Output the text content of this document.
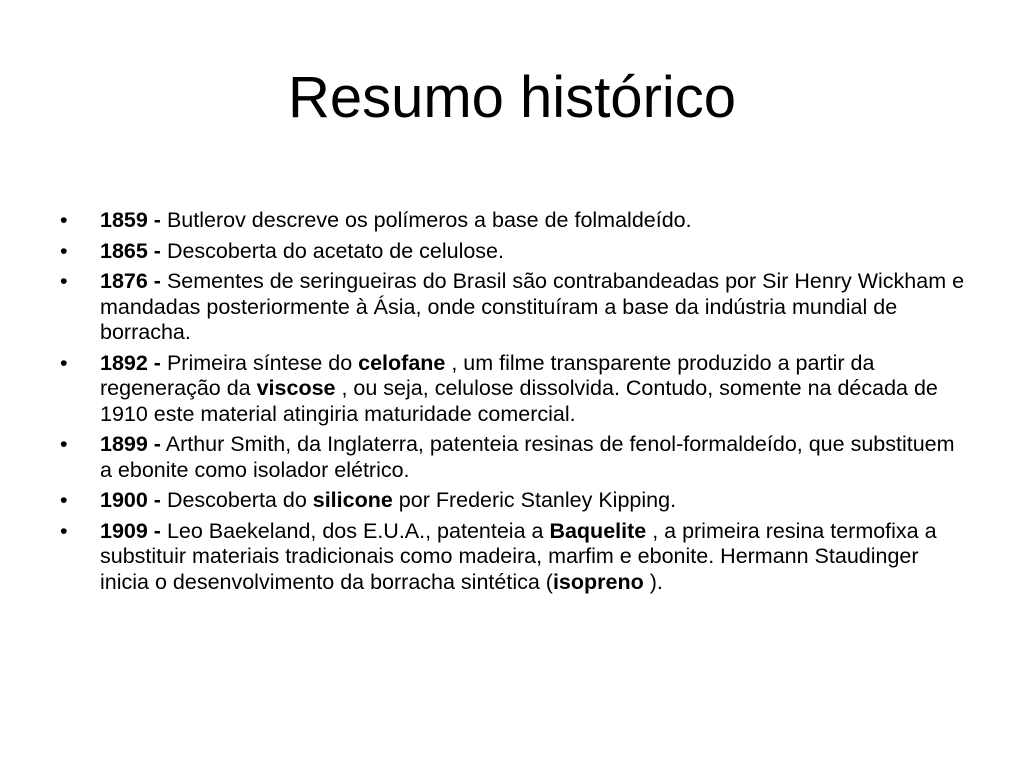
Resumo histórico
• 1859 - Butlerov descreve os polímeros a base de folmaldeído.
• 1865 - Descoberta do acetato de celulose.
• 1876 - Sementes de seringueiras do Brasil são contrabandeadas por Sir Henry Wickham e mandadas posteriormente à Ásia, onde constituíram a base da indústria mundial de borracha.
• 1892 - Primeira síntese do celofane , um filme transparente produzido a partir da regeneração da viscose , ou seja, celulose dissolvida. Contudo, somente na década de 1910 este material atingiria maturidade comercial.
• 1899 - Arthur Smith, da Inglaterra, patenteia resinas de fenol-formaldeído, que substituem a ebonite como isolador elétrico.
• 1900 - Descoberta do silicone por Frederic Stanley Kipping.
• 1909 - Leo Baekeland, dos E.U.A., patenteia a Baquelite , a primeira resina termofixa a substituir materiais tradicionais como madeira, marfim e ebonite. Hermann Staudinger inicia o desenvolvimento da borracha sintética (isopreno ).
